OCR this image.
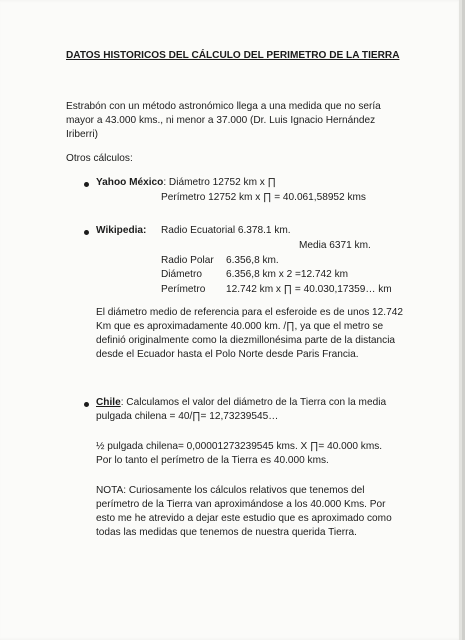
DATOS HISTORICOS DEL CÁLCULO DEL PERIMETRO DE LA TIERRA
Estrabón con un método astronómico llega a una medida que no sería
mayor a 43.000 kms., ni menor a 37.000 (Dr. Luis Ignacio Hernández
Iriberri)
Otros cálculos:
Yahoo México: Diámetro 12752 km x ∏
Perímetro 12752 km x ∏ = 40.061,58952 kms
Wikipedia: Radio Ecuatorial 6.378.1 km.
Media 6371 km.
Radio Polar 6.356,8 km.
Diámetro 6.356,8 km x 2 =12.742 km
Perímetro 12.742 km x ∏ = 40.030,17359… km
El diámetro medio de referencia para el esferoide es de unos 12.742
Km que es aproximadamente 40.000 km. /∏, ya que el metro se
definió originalmente como la diezmillonésima parte de la distancia
desde el Ecuador hasta el Polo Norte desde Paris Francia.
Chile: Calculamos el valor del diámetro de la Tierra con la media
pulgada chilena = 40/∏= 12,73239545…
½ pulgada chilena= 0,00001273239545 kms. X ∏= 40.000 kms.
Por lo tanto el perímetro de la Tierra es 40.000 kms.
NOTA: Curiosamente los cálculos relativos que tenemos del
perímetro de la Tierra van aproximándose a los 40.000 Kms. Por
esto me he atrevido a dejar este estudio que es aproximado como
todas las medidas que tenemos de nuestra querida Tierra.
